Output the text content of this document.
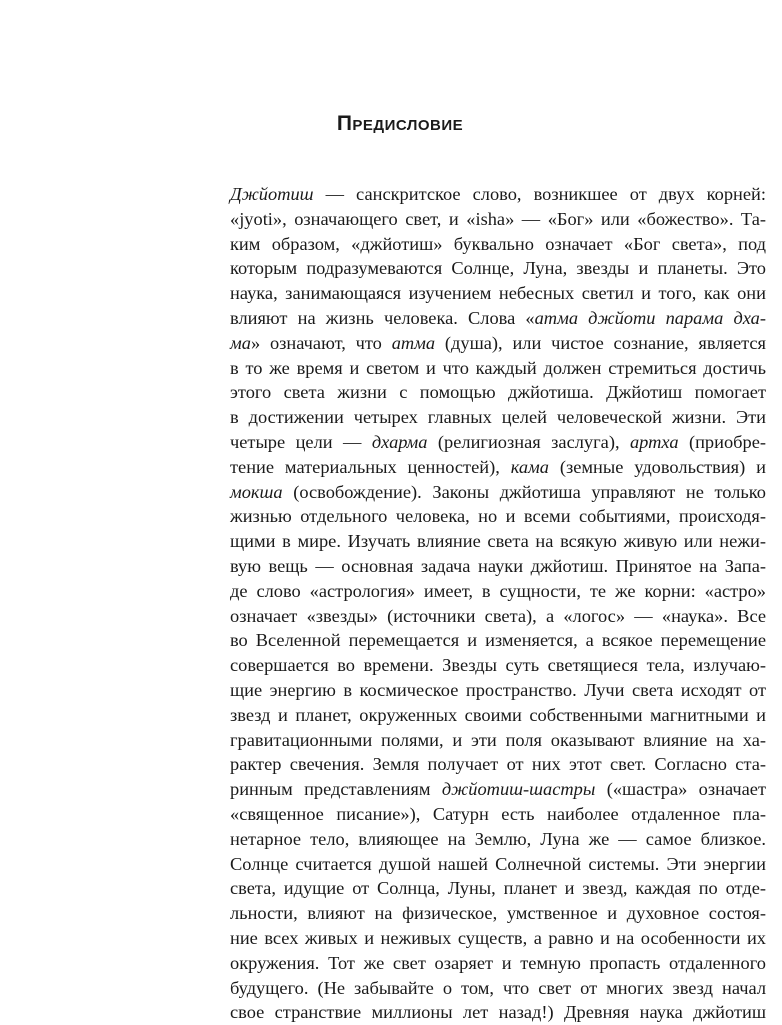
Предисловие
Джйотиш — санскритское слово, возникшее от двух корней:
«jyoti», означающего свет, и «isha» — «Бог» или «божество». Та-
ким образом, «джйотиш» буквально означает «Бог света», под
которым подразумеваются Солнце, Луна, звезды и планеты. Это
наука, занимающаяся изучением небесных светил и того, как они
влияют на жизнь человека. Слова «атма джйоти парама дха-
ма» означают, что атма (душа), или чистое сознание, является
в то же время и светом и что каждый должен стремиться достичь
этого света жизни с помощью джйотиша. Джйотиш помогает
в достижении четырех главных целей человеческой жизни. Эти
четыре цели — дхарма (религиозная заслуга), артха (приобре-
тение материальных ценностей), кама (земные удовольствия) и
мокша (освобождение). Законы джйотиша управляют не только
жизнью отдельного человека, но и всеми событиями, происходя-
щими в мире. Изучать влияние света на всякую живую или нежи-
вую вещь — основная задача науки джйотиш. Принятое на Запа-
де слово «астрология» имеет, в сущности, те же корни: «астро»
означает «звезды» (источники света), а «логос» — «наука». Все
во Вселенной перемещается и изменяется, а всякое перемещение
совершается во времени. Звезды суть светящиеся тела, излучаю-
щие энергию в космическое пространство. Лучи света исходят от
звезд и планет, окруженных своими собственными магнитными и
гравитационными полями, и эти поля оказывают влияние на ха-
рактер свечения. Земля получает от них этот свет. Согласно ста-
ринным представлениям джйотиш-шастры («шастра» означает
«священное писание»), Сатурн есть наиболее отдаленное пла-
нетарное тело, влияющее на Землю, Луна же — самое близкое.
Солнце считается душой нашей Солнечной системы. Эти энергии
света, идущие от Солнца, Луны, планет и звезд, каждая по отде-
льности, влияют на физическое, умственное и духовное состоя-
ние всех живых и неживых существ, а равно и на особенности их
окружения. Тот же свет озаряет и темную пропасть отдаленного
будущего. (Не забывайте о том, что свет от многих звезд начал
свое странствие миллионы лет назад!) Древняя наука джйотиш
